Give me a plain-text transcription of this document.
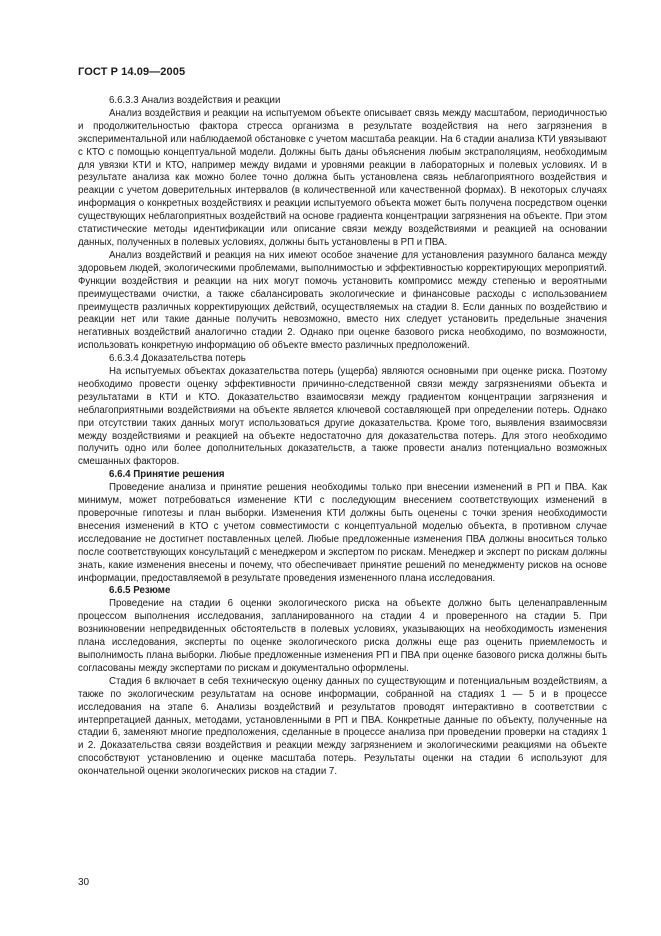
ГОСТ Р 14.09—2005

6.6.3.3 Анализ воздействия и реакции

Анализ воздействия и реакции на испытуемом объекте описывает связь между масштабом, периодичностью и продолжительностью фактора стресса организма в результате воздействия на него загрязнения в экспериментальной или наблюдаемой обстановке с учетом масштаба реакции. На 6 стадии анализа КТИ увязывают с КТО с помощью концептуальной модели. Должны быть даны объяснения любым экстраполяциям, необходимым для увязки КТИ и КТО, например между видами и уровнями реакции в лабораторных и полевых условиях. И в результате анализа как можно более точно должна быть установлена связь неблагоприятного воздействия и реакции с учетом доверительных интервалов (в количественной или качественной формах). В некоторых случаях информация о конкретных воздействиях и реакции испытуемого объекта может быть получена посредством оценки существующих неблагоприятных воздействий на основе градиента концентрации загрязнения на объекте. При этом статистические методы идентификации или описание связи между воздействиями и реакцией на основании данных, полученных в полевых условиях, должны быть установлены в РП и ПВА.

Анализ воздействий и реакция на них имеют особое значение для установления разумного баланса между здоровьем людей, экологическими проблемами, выполнимостью и эффективностью корректирующих мероприятий. Функции воздействия и реакции на них могут помочь установить компромисс между степенью и вероятными преимуществами очистки, а также сбалансировать экологические и финансовые расходы с использованием преимуществ различных корректирующих действий, осуществляемых на стадии 8. Если данных по воздействию и реакции нет или такие данные получить невозможно, вместо них следует установить предельные значения негативных воздействий аналогично стадии 2. Однако при оценке базового риска необходимо, по возможности, использовать конкретную информацию об объекте вместо различных предположений.

6.6.3.4 Доказательства потерь

На испытуемых объектах доказательства потерь (ущерба) являются основными при оценке риска. Поэтому необходимо провести оценку эффективности причинно-следственной связи между загрязнениями объекта и результатами в КТИ и КТО. Доказательство взаимосвязи между градиентом концентрации загрязнения и неблагоприятными воздействиями на объекте является ключевой составляющей при определении потерь. Однако при отсутствии таких данных могут использоваться другие доказательства. Кроме того, выявления взаимосвязи между воздействиями и реакцией на объекте недостаточно для доказательства потерь. Для этого необходимо получить одно или более дополнительных доказательств, а также провести анализ потенциально возможных смешанных факторов.

6.6.4 Принятие решения

Проведение анализа и принятие решения необходимы только при внесении изменений в РП и ПВА. Как минимум, может потребоваться изменение КТИ с последующим внесением соответствующих изменений в проверочные гипотезы и план выборки. Изменения КТИ должны быть оценены с точки зрения необходимости внесения изменений в КТО с учетом совместимости с концептуальной моделью объекта, в противном случае исследование не достигнет поставленных целей. Любые предложенные изменения ПВА должны вноситься только после соответствующих консультаций с менеджером и экспертом по рискам. Менеджер и эксперт по рискам должны знать, какие изменения внесены и почему, что обеспечивает принятие решений по менеджменту рисков на основе информации, предоставляемой в результате проведения измененного плана исследования.

6.6.5 Резюме

Проведение на стадии 6 оценки экологического риска на объекте должно быть целенаправленным процессом выполнения исследования, запланированного на стадии 4 и проверенного на стадии 5. При возникновении непредвиденных обстоятельств в полевых условиях, указывающих на необходимость изменения плана исследования, эксперты по оценке экологического риска должны еще раз оценить приемлемость и выполнимость плана выборки. Любые предложенные изменения РП и ПВА при оценке базового риска должны быть согласованы между экспертами по рискам и документально оформлены.

Стадия 6 включает в себя техническую оценку данных по существующим и потенциальным воздействиям, а также по экологическим результатам на основе информации, собранной на стадиях 1 — 5 и в процессе исследования на этапе 6. Анализы воздействий и результатов проводят интерактивно в соответствии с интерпретацией данных, методами, установленными в РП и ПВА. Конкретные данные по объекту, полученные на стадии 6, заменяют многие предположения, сделанные в процессе анализа при проведении проверки на стадиях 1 и 2. Доказательства связи воздействия и реакции между загрязнением и экологическими реакциями на объекте способствуют установлению и оценке масштаба потерь. Результаты оценки на стадии 6 используют для окончательной оценки экологических рисков на стадии 7.

30
